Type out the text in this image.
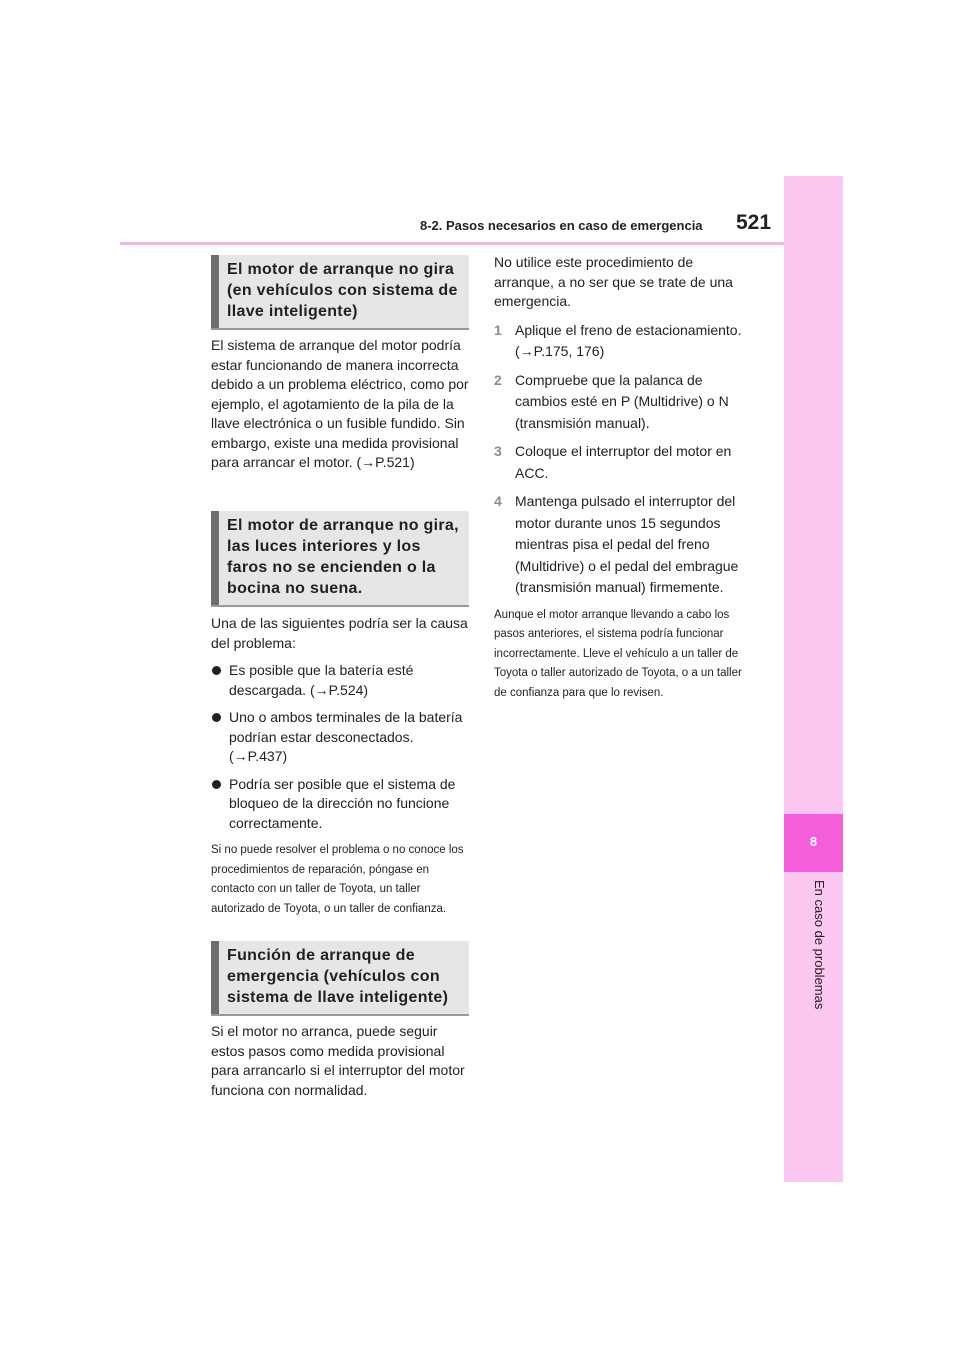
8-2. Pasos necesarios en caso de emergencia 521
8
En caso de problemas

El motor de arranque no gira (en vehículos con sistema de llave inteligente)

El sistema de arranque del motor podría estar funcionando de manera incorrecta debido a un problema eléctrico, como por ejemplo, el agotamiento de la pila de la llave electrónica o un fusible fundido. Sin embargo, existe una medida provisional para arrancar el motor. (→P.521)

El motor de arranque no gira, las luces interiores y los faros no se encienden o la bocina no suena.

Una de las siguientes podría ser la causa del problema:

Es posible que la batería esté descargada. (→P.524)
Uno o ambos terminales de la batería podrían estar desconectados. (→P.437)
Podría ser posible que el sistema de bloqueo de la dirección no funcione correctamente.

Si no puede resolver el problema o no conoce los procedimientos de reparación, póngase en contacto con un taller de Toyota, un taller autorizado de Toyota, o un taller de confianza.

Función de arranque de emergencia (vehículos con sistema de llave inteligente)

Si el motor no arranca, puede seguir estos pasos como medida provisional para arrancarlo si el interruptor del motor funciona con normalidad.

No utilice este procedimiento de arranque, a no ser que se trate de una emergencia.

1 Aplique el freno de estacionamiento. (→P.175, 176)
2 Compruebe que la palanca de cambios esté en P (Multidrive) o N (transmisión manual).
3 Coloque el interruptor del motor en ACC.
4 Mantenga pulsado el interruptor del motor durante unos 15 segundos mientras pisa el pedal del freno (Multidrive) o el pedal del embrague (transmisión manual) firmemente.

Aunque el motor arranque llevando a cabo los pasos anteriores, el sistema podría funcionar incorrectamente. Lleve el vehículo a un taller de Toyota o taller autorizado de Toyota, o a un taller de confianza para que lo revisen.
